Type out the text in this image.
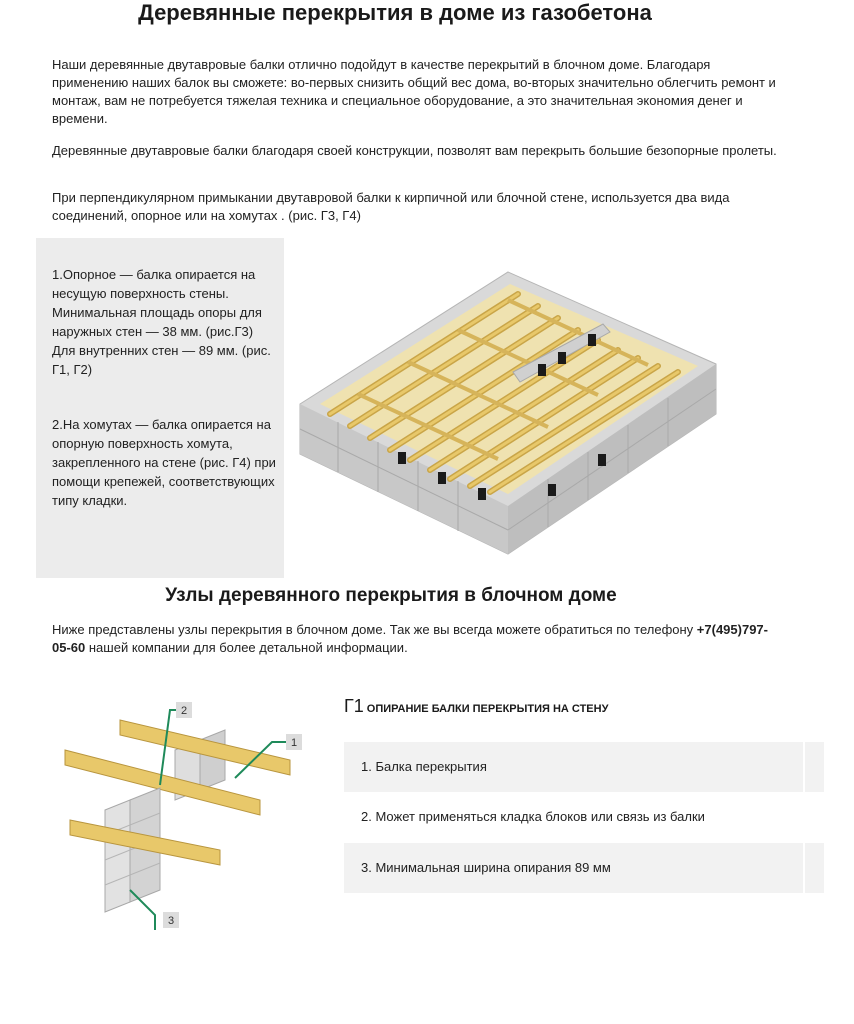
Деревянные перекрытия в доме из газобетона

Наши деревянные двутавровые балки отлично подойдут в качестве перекрытий в блочном доме. Благодаря применению наших балок вы сможете: во-первых снизить общий вес дома, во-вторых значительно облегчить ремонт и монтаж, вам не потребуется тяжелая техника и специальное оборудование, а это значительная экономия денег и времени.

Деревянные двутавровые балки благодаря своей конструкции, позволят вам перекрыть большие безопорные пролеты.

При перпендикулярном примыкании двутавровой балки к кирпичной или блочной стене, используется два вида соединений, опорное или на хомутах . (рис. Г3, Г4)

1.Опорное — балка опирается на несущую поверхность стены. Минимальная площадь опоры для наружных стен — 38 мм. (рис.Г3) Для внутренних стен — 89 мм. (рис. Г1, Г2)

2.На хомутах — балка опирается на опорную поверхность хомута, закрепленного на стене (рис. Г4) при помощи крепежей, соответствующих типу кладки.

Узлы деревянного перекрытия в блочном доме

Ниже представлены узлы перекрытия в блочном доме. Так же вы всегда можете обратиться по телефону +7(495)797-05-60 нашей компании для более детальной информации.

2
1
3
Г1 ОПИРАНИЕ БАЛКИ ПЕРЕКРЫТИЯ НА СТЕНУ
1. Балка перекрытия
2. Может применяться кладка блоков или связь из балки
3. Минимальная ширина опирания 89 мм
